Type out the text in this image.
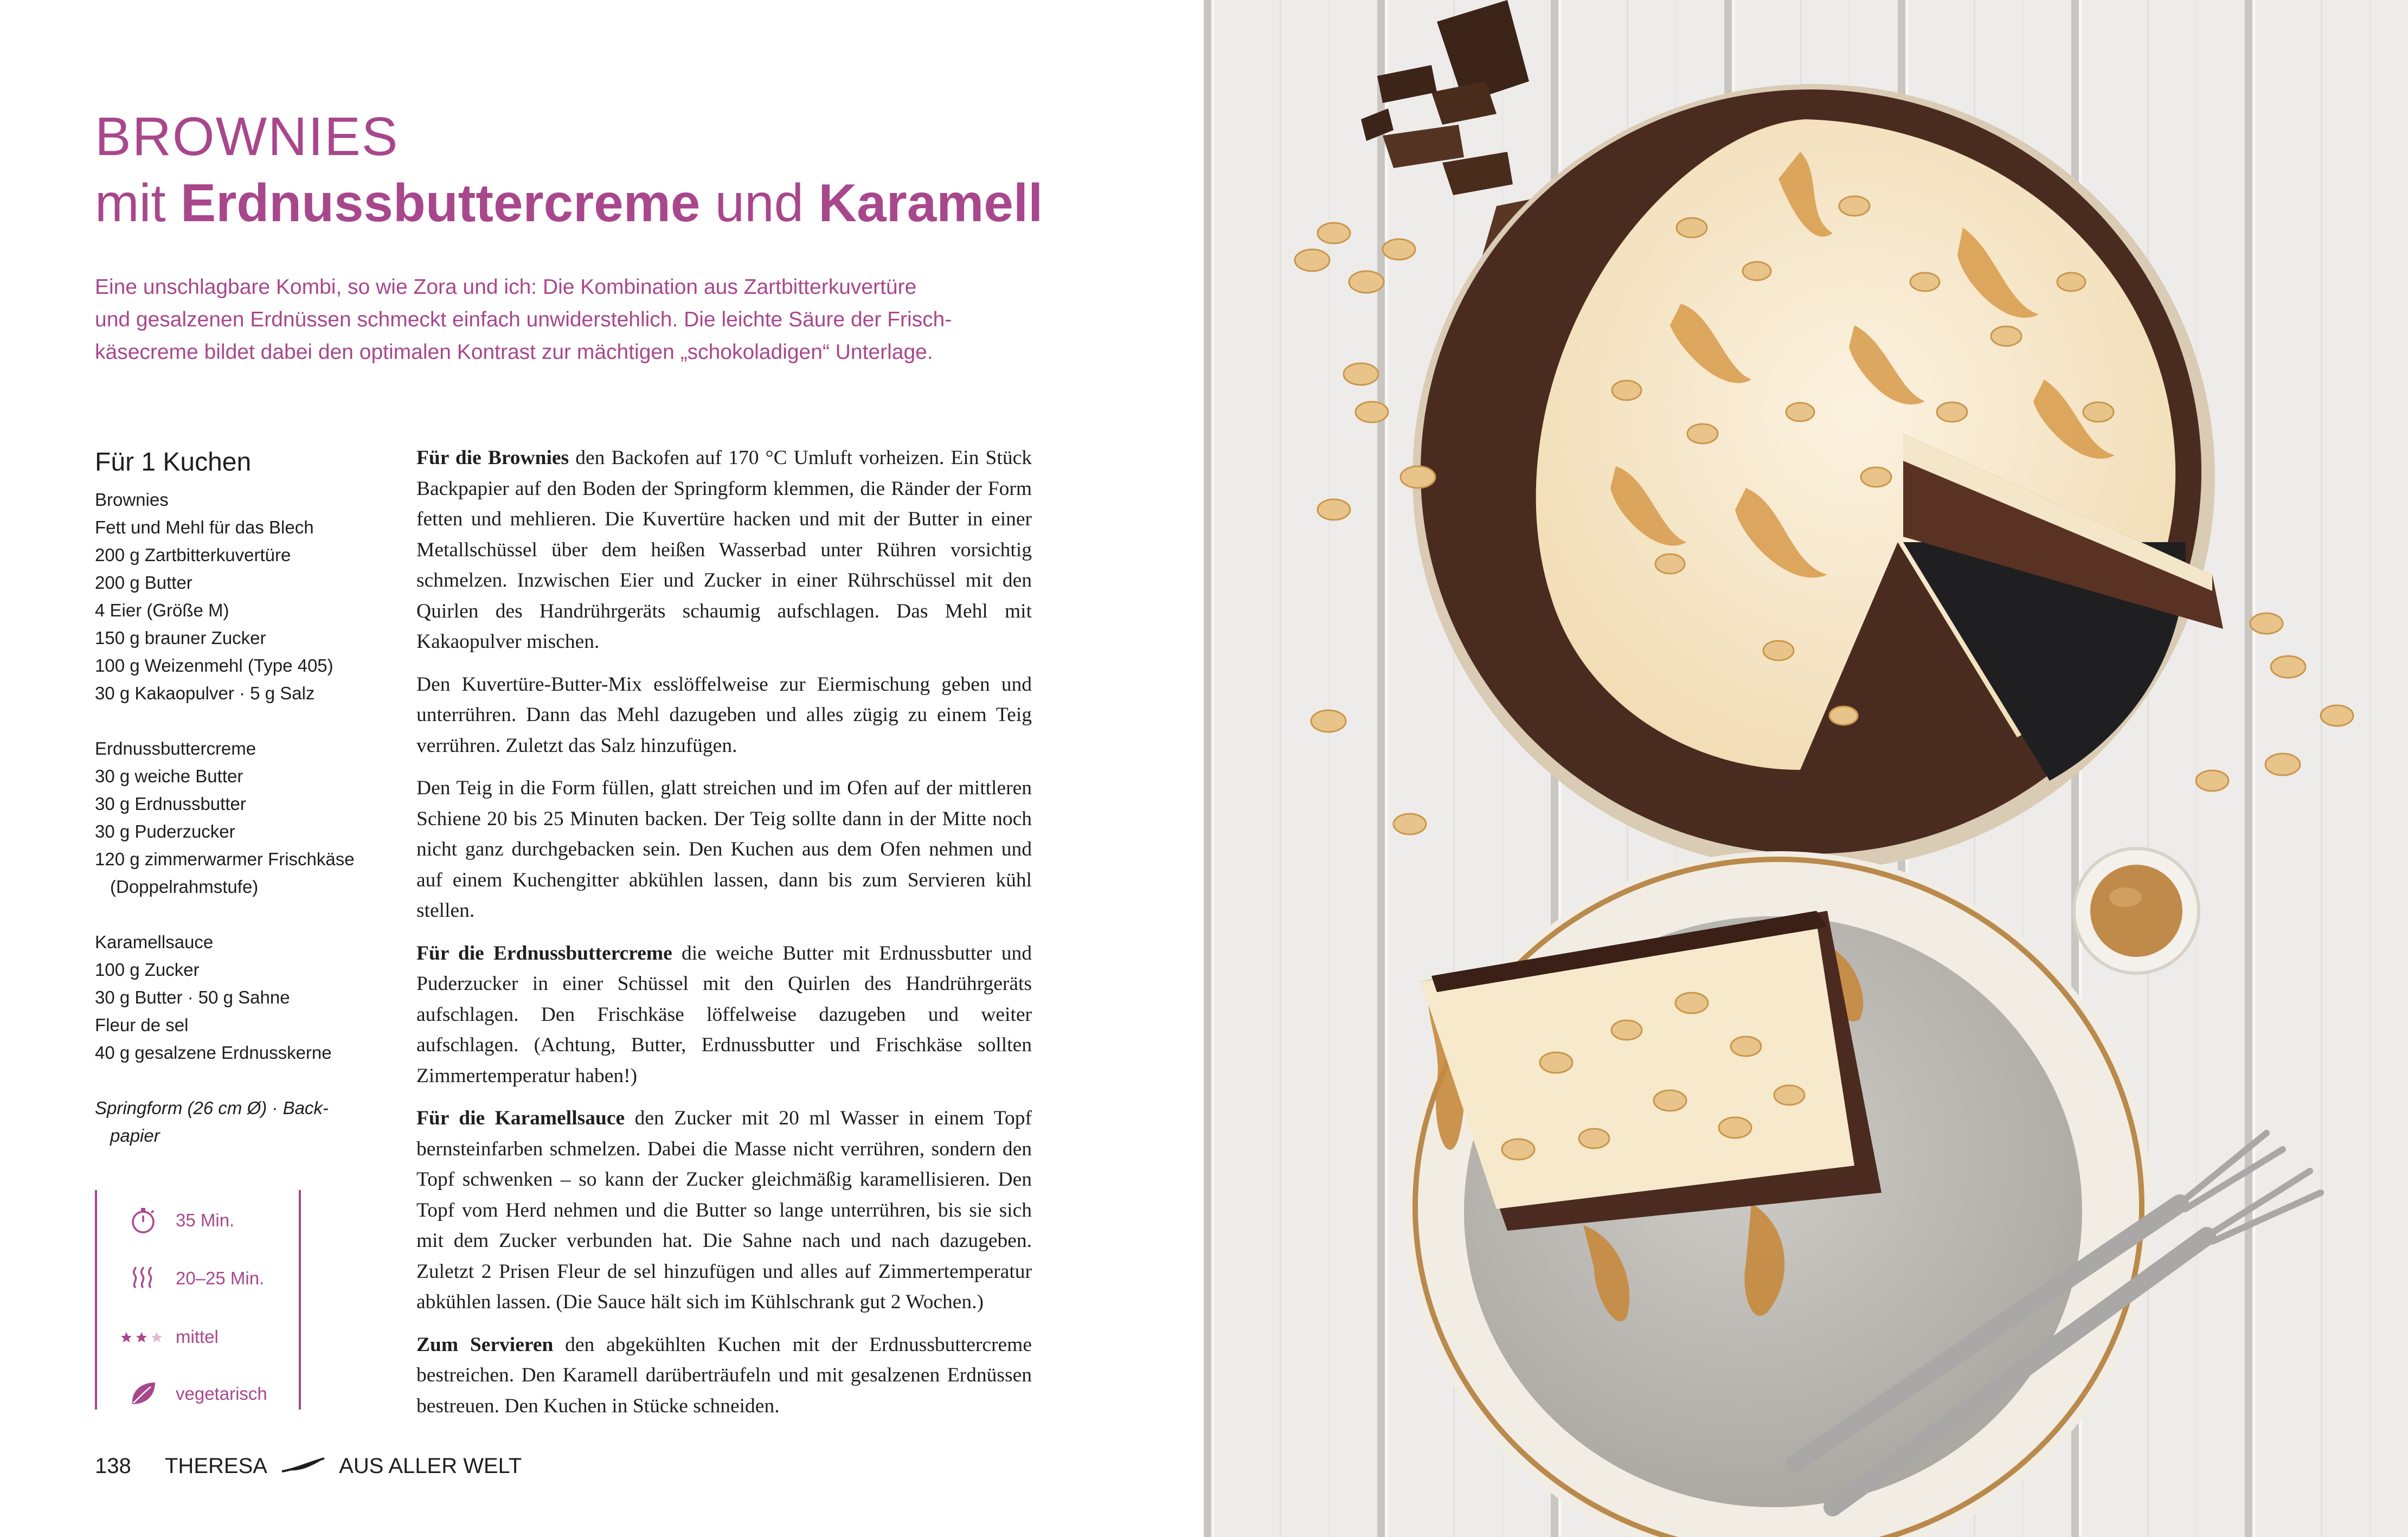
BROWNIES
mit Erdnussbuttercreme und Karamell
Eine unschlagbare Kombi, so wie Zora und ich: Die Kombination aus Zartbitterkuvertüre
und gesalzenen Erdnüssen schmeckt einfach unwiderstehlich. Die leichte Säure der Frisch-
käsecreme bildet dabei den optimalen Kontrast zur mächtigen „schokoladigen“ Unterlage.
Für 1 Kuchen
Brownies
Fett und Mehl für das Blech
200 g Zartbitterkuvertüre
200 g Butter
4 Eier (Größe M)
150 g brauner Zucker
100 g Weizenmehl (Type 405)
30 g Kakaopulver · 5 g Salz
Erdnussbuttercreme
30 g weiche Butter
30 g Erdnussbutter
30 g Puderzucker
120 g zimmerwarmer Frischkäse
(Doppelrahmstufe)
Karamellsauce
100 g Zucker
30 g Butter · 50 g Sahne
Fleur de sel
40 g gesalzene Erdnusskerne
Springform (26 cm Ø) · Back-
papier
35 Min.
20–25 Min.
mittel
vegetarisch

Für die Brownies den Backofen auf 170 °C Umluft vorheizen. Ein Stück Backpapier auf den Boden der Springform klemmen, die Ränder der Form fetten und mehlieren. Die Kuvertüre hacken und mit der Butter in einer Metallschüssel über dem heißen Wasserbad unter Rühren vorsichtig schmelzen. Inzwischen Eier und Zucker in einer Rührschüssel mit den Quirlen des Handrührgeräts schaumig aufschlagen. Das Mehl mit Kakaopulver mischen.

Den Kuvertüre-Butter-Mix esslöffelweise zur Eiermischung geben und unterrühren. Dann das Mehl dazugeben und alles zügig zu einem Teig verrühren. Zuletzt das Salz hinzufügen.

Den Teig in die Form füllen, glatt streichen und im Ofen auf der mittleren Schiene 20 bis 25 Minuten backen. Der Teig sollte dann in der Mitte noch nicht ganz durchgebacken sein. Den Kuchen aus dem Ofen nehmen und auf einem Kuchengitter abkühlen lassen, dann bis zum Servieren kühl stellen.

Für die Erdnussbuttercreme die weiche Butter mit Erdnussbutter und Puderzucker in einer Schüssel mit den Quirlen des Handrührgeräts aufschlagen. Den Frischkäse löffelweise dazugeben und weiter aufschlagen. (Achtung, Butter, Erdnussbutter und Frischkäse sollten Zimmertemperatur haben!)

Für die Karamellsauce den Zucker mit 20 ml Wasser in einem Topf bernsteinfarben schmelzen. Dabei die Masse nicht verrühren, sondern den Topf schwenken – so kann der Zucker gleichmäßig karamellisieren. Den Topf vom Herd nehmen und die Butter so lange unterrühren, bis sie sich mit dem Zucker verbunden hat. Die Sahne nach und nach dazugeben. Zuletzt 2 Prisen Fleur de sel hinzufügen und alles auf Zimmertemperatur abkühlen lassen. (Die Sauce hält sich im Kühlschrank gut 2 Wochen.)

Zum Servieren den abgekühlten Kuchen mit der Erdnussbuttercreme bestreichen. Den Karamell darüberträufeln und mit gesalzenen Erdnüssen bestreuen. Den Kuchen in Stücke schneiden.

138 THERESA	AUS ALLER WELT
